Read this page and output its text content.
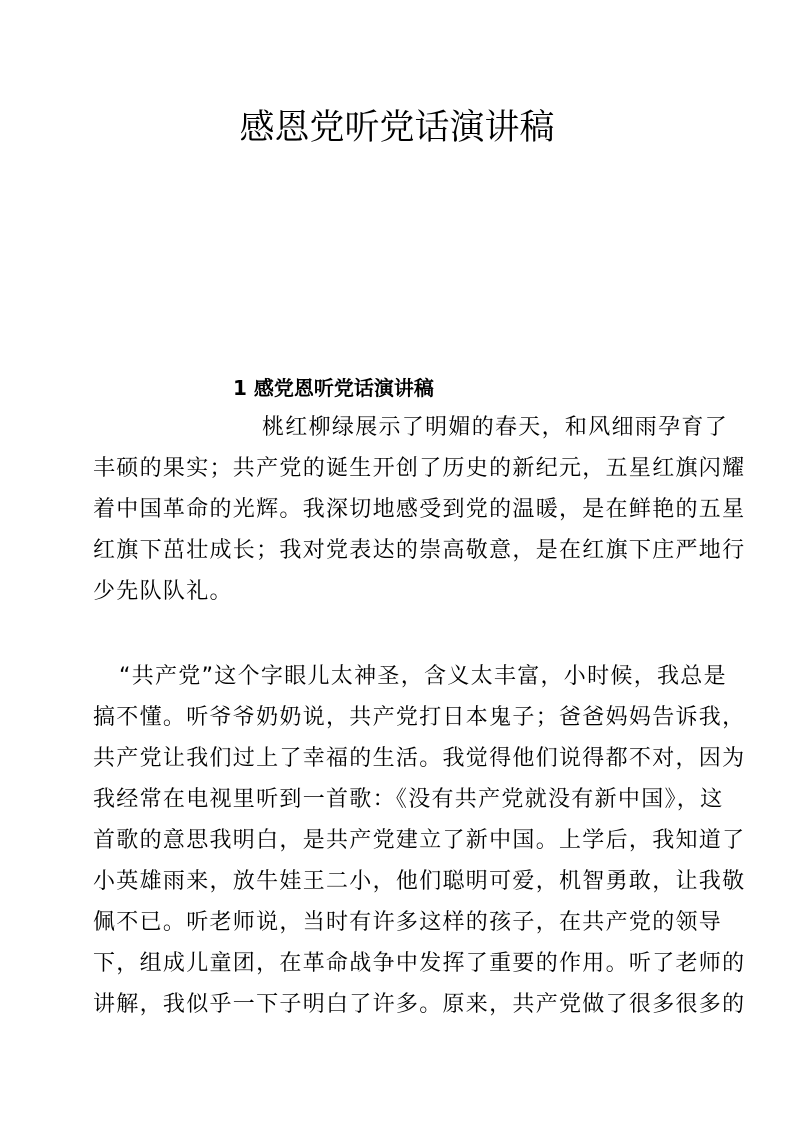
感恩党听党话演讲稿
1 感党恩听党话演讲稿
桃红柳绿展示了明媚的春天，和风细雨孕育了
丰硕的果实；共产党的诞生开创了历史的新纪元，五星红旗闪耀
着中国革命的光辉。我深切地感受到党的温暖，是在鲜艳的五星
红旗下茁壮成长；我对党表达的崇高敬意，是在红旗下庄严地行
少先队队礼。
“共产党”这个字眼儿太神圣，含义太丰富，小时候，我总是
搞不懂。听爷爷奶奶说，共产党打日本鬼子；爸爸妈妈告诉我，
共产党让我们过上了幸福的生活。我觉得他们说得都不对，因为
我经常在电视里听到一首歌：《没有共产党就没有新中国》，这
首歌的意思我明白，是共产党建立了新中国。上学后，我知道了
小英雄雨来，放牛娃王二小，他们聪明可爱，机智勇敢，让我敬
佩不已。听老师说，当时有许多这样的孩子，在共产党的领导
下，组成儿童团，在革命战争中发挥了重要的作用。听了老师的
讲解，我似乎一下子明白了许多。原来，共产党做了很多很多的
